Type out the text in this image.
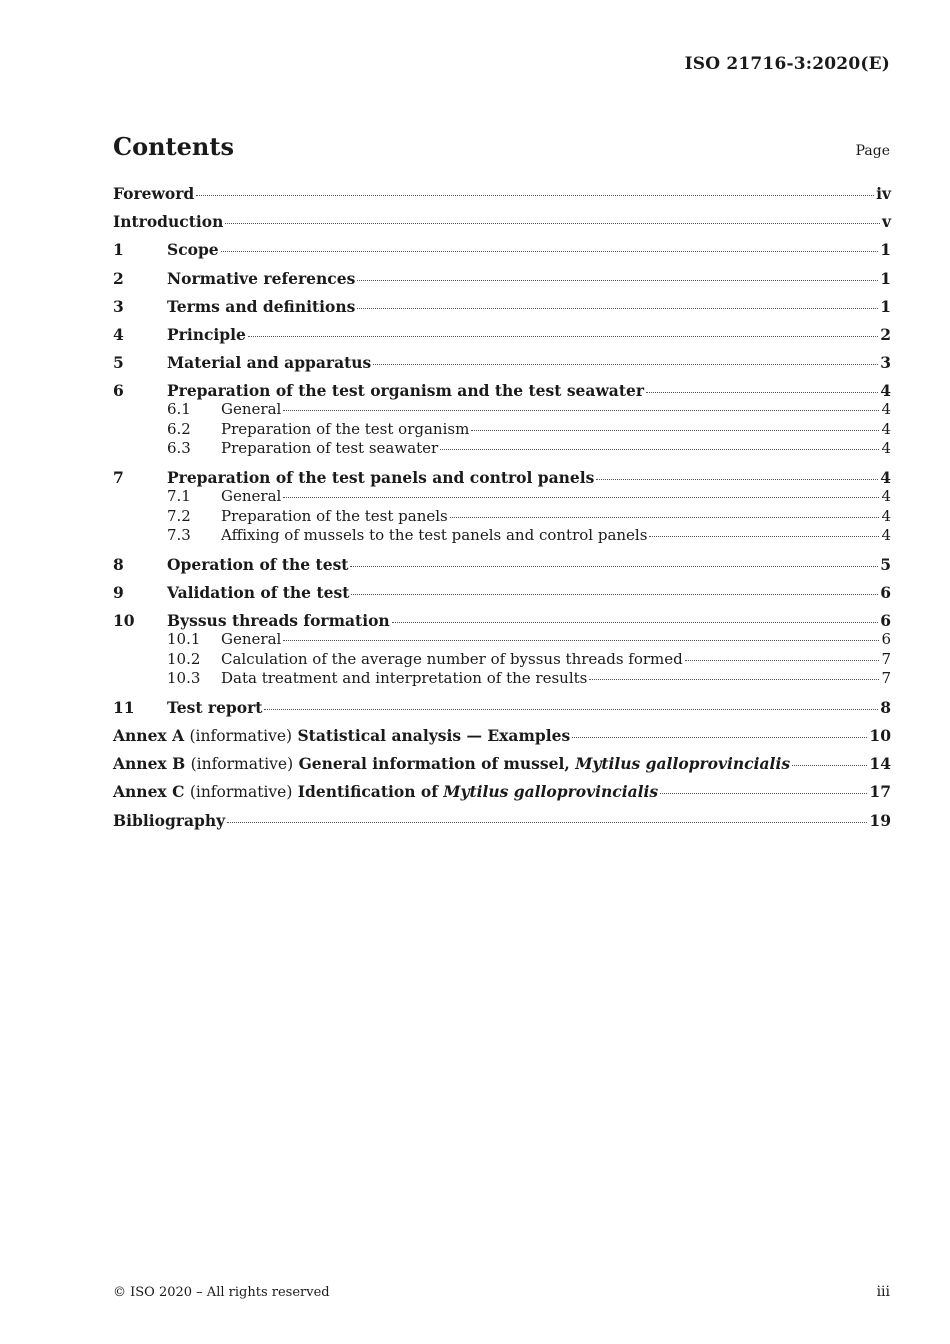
ISO 21716-3:2020(E)
Contents	Page
Foreword	iv
Introduction	v
1	Scope	1
2	Normative references	1
3	Terms and definitions	1
4	Principle	2
5	Material and apparatus	3
6	Preparation of the test organism and the test seawater	4
6.1	General	4
6.2	Preparation of the test organism	4
6.3	Preparation of test seawater	4
7	Preparation of the test panels and control panels	4
7.1	General	4
7.2	Preparation of the test panels	4
7.3	Affixing of mussels to the test panels and control panels	4
8	Operation of the test	5
9	Validation of the test	6
10	Byssus threads formation	6
10.1	General	6
10.2	Calculation of the average number of byssus threads formed	7
10.3	Data treatment and interpretation of the results	7
11	Test report	8
Annex A (informative) Statistical analysis — Examples	10
Annex B (informative) General information of mussel, Mytilus galloprovincialis	14
Annex C (informative) Identification of Mytilus galloprovincialis	17
Bibliography	19
© ISO 2020 – All rights reserved	iii
